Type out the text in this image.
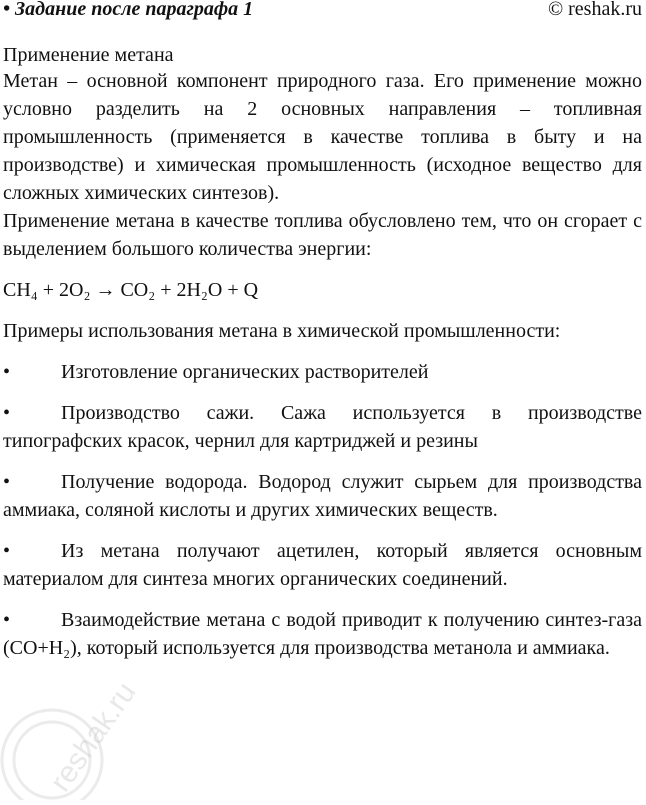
• Задание после параграфа 1	© reshak.ru
Применение метана

Метан – основной компонент природного газа. Его применение можно условно разделить на 2 основных направления – топливная промышленность (применяется в качестве топлива в быту и на производстве) и химическая промышленность (исходное вещество для сложных химических синтезов).

Применение метана в качестве топлива обусловлено тем, что он сгорает с выделением большого количества энергии:

CH₄ + 2O₂ → CO₂ + 2H₂O + Q
Примеры использования метана в химической промышленности:

•	Изготовление органических растворителей

•	Производство сажи. Сажа используется в производстве типографских красок, чернил для картриджей и резины

•	Получение водорода. Водород служит сырьем для производства аммиака, соляной кислоты и других химических веществ.

•	Из метана получают ацетилен, который является основным материалом для синтеза многих органических соединений.

•	Взаимодействие метана с водой приводит к получению синтез-газа (CO+H₂), который используется для производства метанола и аммиака.

reshak.ru
